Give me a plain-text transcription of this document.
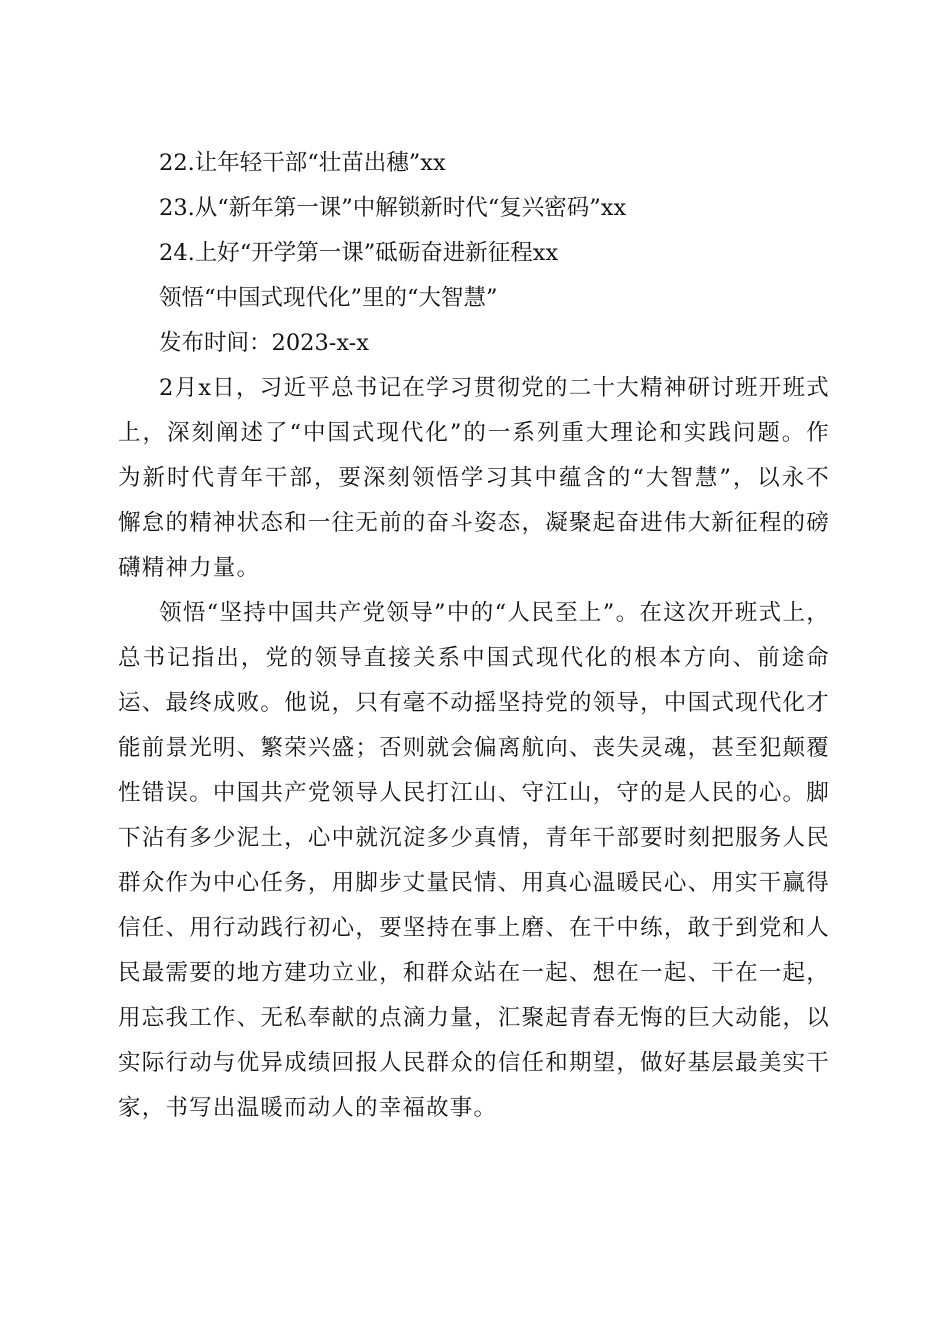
22.让年轻干部“壮苗出穗”xx

23.从“新年第一课”中解锁新时代“复兴密码”xx

24.上好“开学第一课”砥砺奋进新征程xx

领悟“中国式现代化”里的“大智慧”

发布时间：2023-x-x

2月x日，习近平总书记在学习贯彻党的二十大精神研讨班开班式上，深刻阐述了“中国式现代化”的一系列重大理论和实践问题。作为新时代青年干部，要深刻领悟学习其中蕴含的“大智慧”，以永不懈怠的精神状态和一往无前的奋斗姿态，凝聚起奋进伟大新征程的磅礴精神力量。

领悟“坚持中国共产党领导”中的“人民至上”。在这次开班式上，总书记指出，党的领导直接关系中国式现代化的根本方向、前途命运、最终成败。他说，只有毫不动摇坚持党的领导，中国式现代化才能前景光明、繁荣兴盛；否则就会偏离航向、丧失灵魂，甚至犯颠覆性错误。中国共产党领导人民打江山、守江山，守的是人民的心。脚下沾有多少泥土，心中就沉淀多少真情，青年干部要时刻把服务人民群众作为中心任务，用脚步丈量民情、用真心温暖民心、用实干赢得信任、用行动践行初心，要坚持在事上磨、在干中练，敢于到党和人民最需要的地方建功立业，和群众站在一起、想在一起、干在一起，用忘我工作、无私奉献的点滴力量，汇聚起青春无悔的巨大动能，以实际行动与优异成绩回报人民群众的信任和期望，做好基层最美实干家，书写出温暖而动人的幸福故事。
